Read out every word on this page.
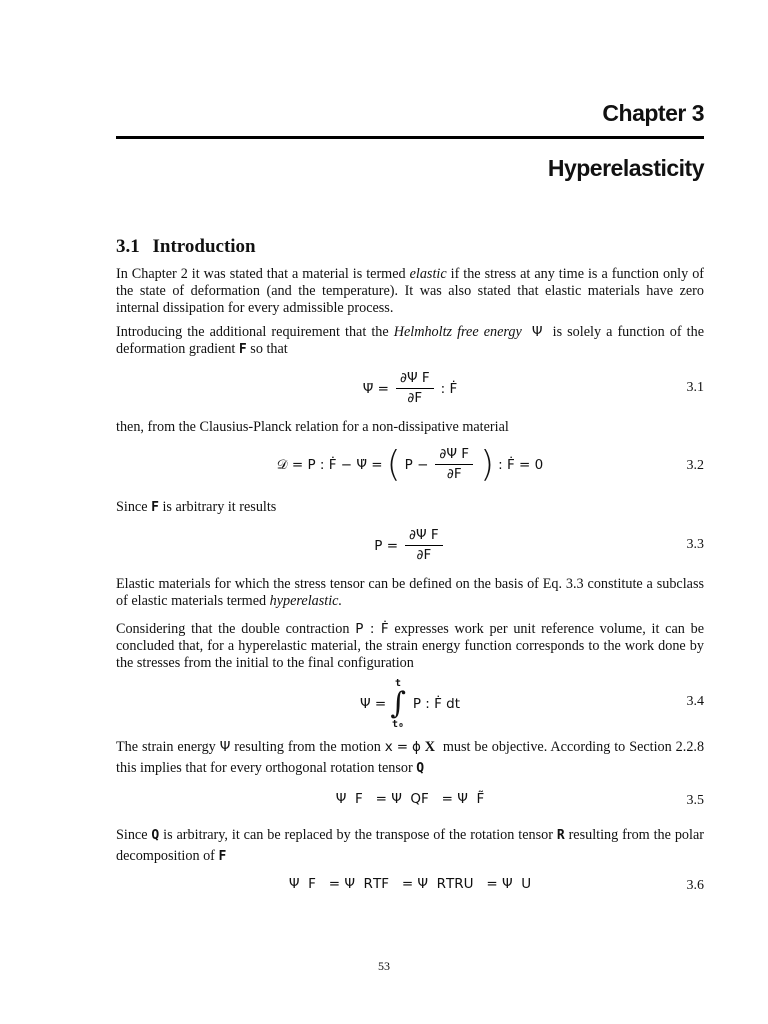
Chapter 3
Hyperelasticity
3.1 Introduction
In Chapter 2 it was stated that a material is termed elastic if the stress at any time is a function only of the state of deformation (and the temperature). It was also stated that elastic materials have zero internal dissipation for every admissible process.
Introducing the additional requirement that the Helmholtz free energy Ψ  is solely a function of the deformation gradient F so that
Ψ̇ = $\frac{\text{∂Ψ F}}{\partial F}$ : Ḟ	3.1
then, from the Clausius-Planck relation for a non-dissipative material
𝒟 = P : Ḟ − Ψ̇ = ( $P - \frac{\text{∂Ψ F}}{\partial F}$ ) : Ḟ = 0	3.2
Since F is arbitrary it results
$P = \frac{\text{∂Ψ F}}{\partial F}$	3.3
Elastic materials for which the stress tensor can be defined on the basis of Eq. 3.3 constitute a subclass of elastic materials termed hyperelastic.
Considering that the double contraction P : Ḟ expresses work per unit reference volume, it can be concluded that, for a hyperelastic material, the strain energy function corresponds to the work done by the stresses from the initial to the final configuration
Ψ =
t
∫
t₀
P : Ḟ dt	3.4
The strain energy Ψ resulting from the motion x = ϕ X  must be objective. According to Section 2.2.8 this implies that for every orthogonal rotation tensor Q
Ψ  F   = Ψ  QF   = Ψ  F̃	3.5
Since Q is arbitrary, it can be replaced by the transpose of the rotation tensor R resulting from the polar decomposition of F
Ψ  F   = Ψ  R T F   = Ψ  R T RU   = Ψ  U	3.6
53
